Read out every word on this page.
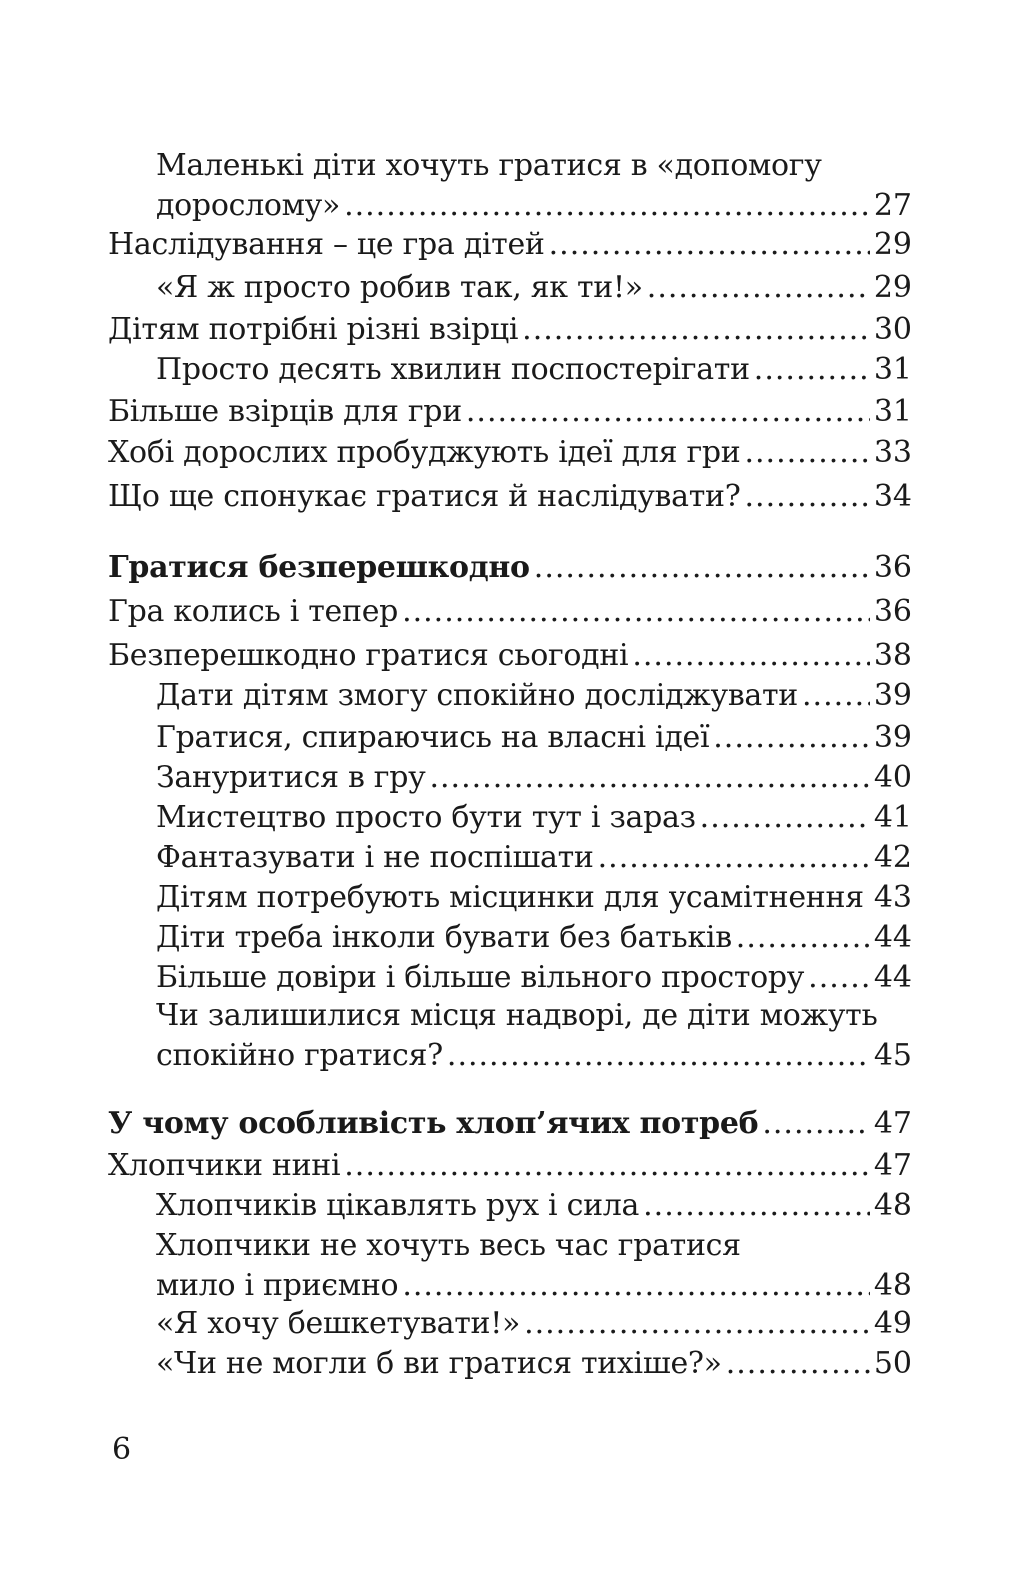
Маленькі діти хочуть гратися в «допомогу
дорослому» .....	27
Наслідування – це гра дітей .....	29
«Я ж просто робив так, як ти!» .....	29
Дітям потрібні різні взірці .....	30
Просто десять хвилин поспостерігати .....	31
Більше взірців для гри .....	31
Хобі дорослих пробуджують ідеї для гри .....	33
Що ще спонукає гратися й наслідувати? .....	34
Гратися безперешкодно .....	36
Гра колись і тепер .....	36
Безперешкодно гратися сьогодні .....	38
Дати дітям змогу спокійно досліджувати .....	39
Гратися, спираючись на власні ідеї .....	39
Зануритися в гру .....	40
Мистецтво просто бути тут і зараз .....	41
Фантазувати і не поспішати .....	42
Дітям потребують місцинки для усамітнення ..... 43
Діти треба інколи бувати без батьків .....	44
Більше довіри і більше вільного простору ..... 44
Чи залишилися місця надворі, де діти можуть
спокійно гратися? .....	45
У чому особливість хлоп’ячих потреб .....	47
Хлопчики нині .....	47
Хлопчиків цікавлять рух і сила .....	48
Хлопчики не хочуть весь час гратися
мило і приємно .....	48
«Я хочу бешкетувати!» .....	49
«Чи не могли б ви гратися тихіше?» .....	50
6
